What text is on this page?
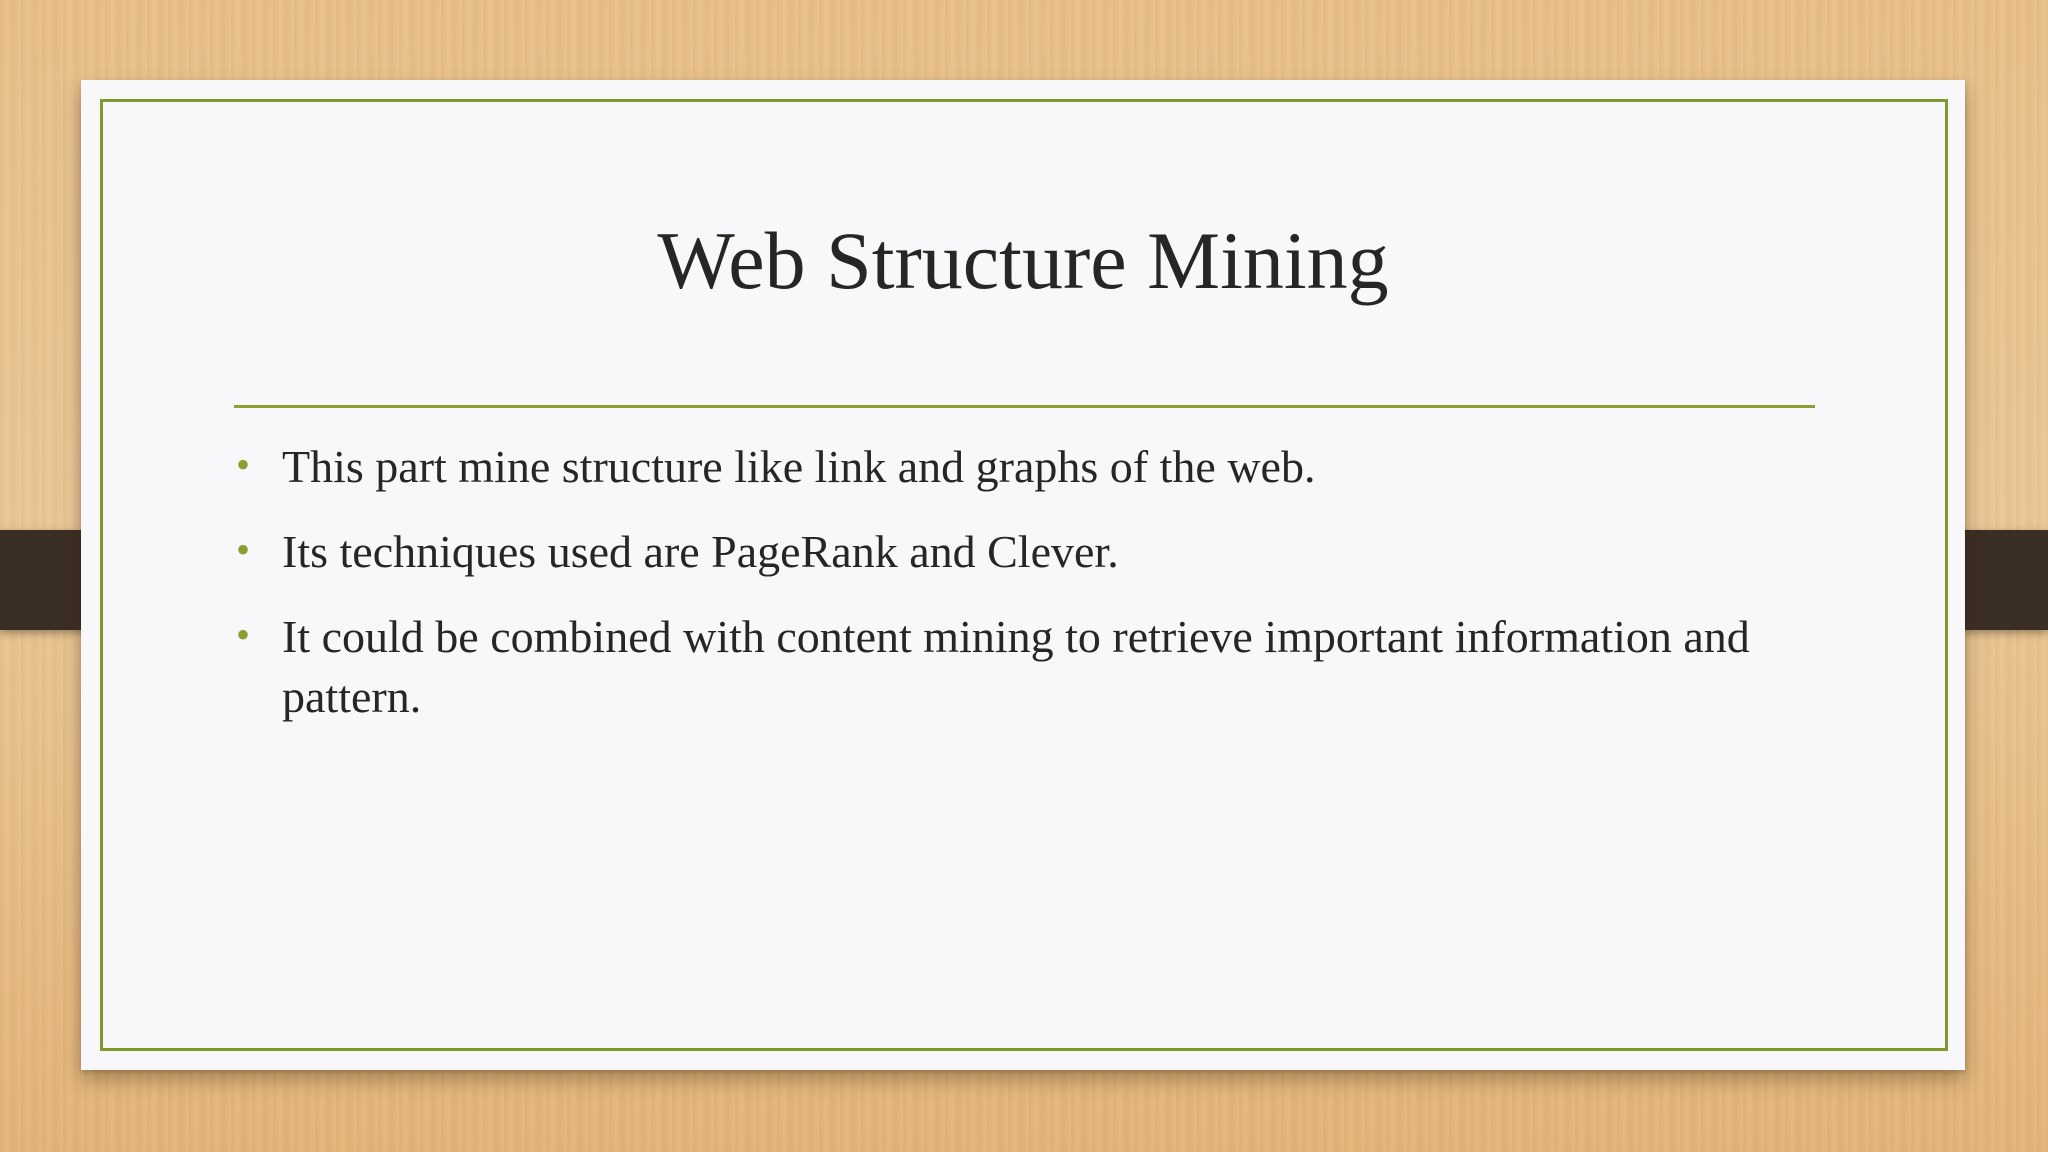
Web Structure Mining
• This part mine structure like link and graphs of the web.
• Its techniques used are PageRank and Clever.
• It could be combined with content mining to retrieve important information and pattern.
